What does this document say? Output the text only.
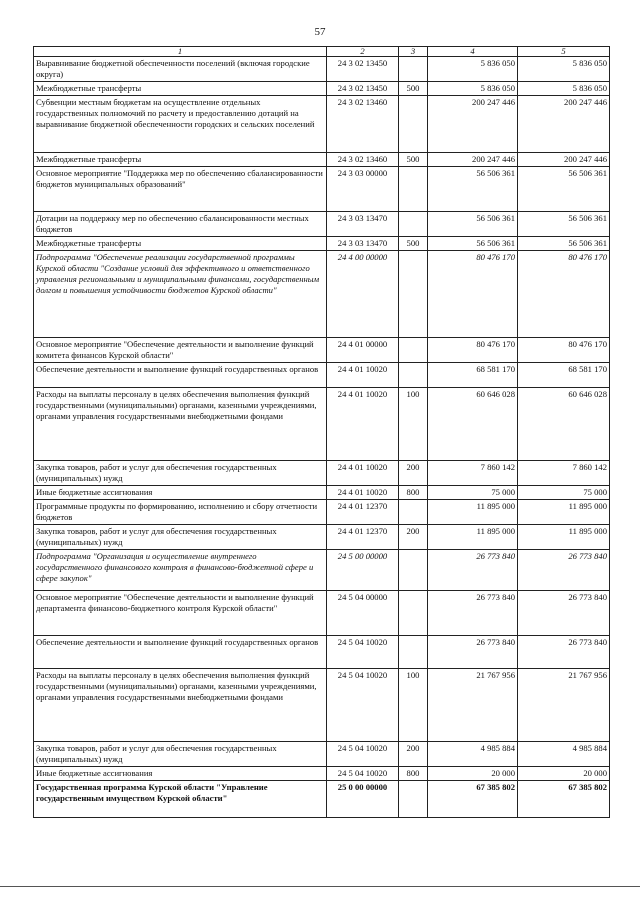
57
1	2	3	4	5
Выравнивание бюджетной обеспеченности поселений (включая городские округа)	24 3 02 13450		5 836 050	5 836 050
Межбюджетные трансферты	24 3 02 13450	500	5 836 050	5 836 050
Субвенции местным бюджетам на осуществление отдельных государственных полномочий по расчету и предоставлению дотаций на выравнивание бюджетной обеспеченности городских и сельских поселений	24 3 02 13460		200 247 446	200 247 446
Межбюджетные трансферты	24 3 02 13460	500	200 247 446	200 247 446
Основное мероприятие "Поддержка мер по обеспечению сбалансированности бюджетов муниципальных образований"	24 3 03 00000		56 506 361	56 506 361
Дотации на поддержку мер по обеспечению сбалансированности местных бюджетов	24 3 03 13470		56 506 361	56 506 361
Межбюджетные трансферты	24 3 03 13470	500	56 506 361	56 506 361
Подпрограмма "Обеспечение реализации государственной программы Курской области "Создание условий для эффективного и ответственного управления региональными и муниципальными финансами, государственным долгом и повышения устойчивости бюджетов Курской области"	24 4 00 00000		80 476 170	80 476 170
Основное мероприятие "Обеспечение деятельности и выполнение функций комитета финансов Курской области"	24 4 01 00000		80 476 170	80 476 170
Обеспечение деятельности и выполнение функций государственных органов	24 4 01 10020		68 581 170	68 581 170
Расходы на выплаты персоналу в целях обеспечения выполнения функций государственными (муниципальными) органами, казенными учреждениями, органами управления государственными внебюджетными фондами	24 4 01 10020	100	60 646 028	60 646 028
Закупка товаров, работ и услуг для обеспечения государственных (муниципальных) нужд	24 4 01 10020	200	7 860 142	7 860 142
Иные бюджетные ассигнования	24 4 01 10020	800	75 000	75 000
Программные продукты по формированию, исполнению и сбору отчетности бюджетов	24 4 01 12370		11 895 000	11 895 000
Закупка товаров, работ и услуг для обеспечения государственных (муниципальных) нужд	24 4 01 12370	200	11 895 000	11 895 000
Подпрограмма "Организация и осуществление внутреннего государственного финансового контроля в финансово-бюджетной сфере и сфере закупок"	24 5 00 00000		26 773 840	26 773 840
Основное мероприятие "Обеспечение деятельности и выполнение функций департамента финансово-бюджетного контроля Курской области"	24 5 04 00000		26 773 840	26 773 840
Обеспечение деятельности и выполнение функций государственных органов	24 5 04 10020		26 773 840	26 773 840
Расходы на выплаты персоналу в целях обеспечения выполнения функций государственными (муниципальными) органами, казенными учреждениями, органами управления государственными внебюджетными фондами	24 5 04 10020	100	21 767 956	21 767 956
Закупка товаров, работ и услуг для обеспечения государственных (муниципальных) нужд	24 5 04 10020	200	4 985 884	4 985 884
Иные бюджетные ассигнования	24 5 04 10020	800	20 000	20 000
Государственная программа Курской области "Управление государственным имуществом Курской области"	25 0 00 00000		67 385 802	67 385 802
